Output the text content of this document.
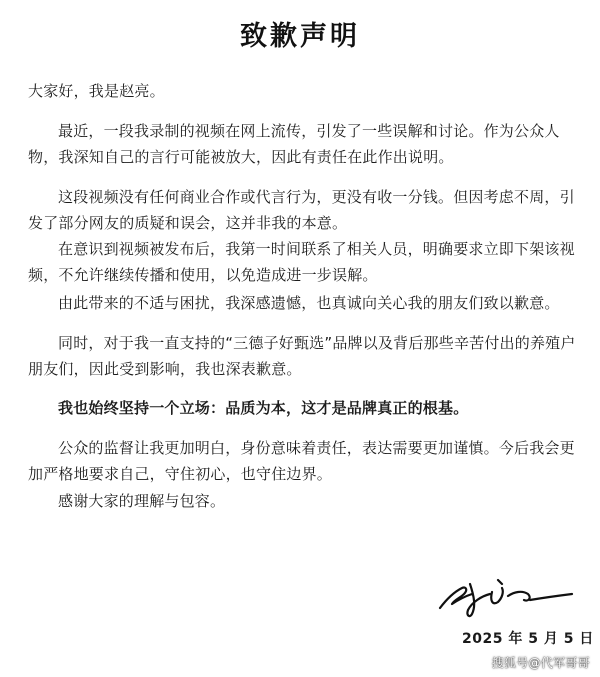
致歉声明

大家好，我是赵亮。

最近，一段我录制的视频在网上流传，引发了一些误解和讨论。作为公众人物，我深知自己的言行可能被放大，因此有责任在此作出说明。

这段视频没有任何商业合作或代言行为，更没有收一分钱。但因考虑不周，引发了部分网友的质疑和误会，这并非我的本意。

在意识到视频被发布后，我第一时间联系了相关人员，明确要求立即下架该视频，不允许继续传播和使用，以免造成进一步误解。

由此带来的不适与困扰，我深感遗憾，也真诚向关心我的朋友们致以歉意。

同时，对于我一直支持的“三德子好甄选”品牌以及背后那些辛苦付出的养殖户朋友们，因此受到影响，我也深表歉意。

我也始终坚持一个立场：品质为本，这才是品牌真正的根基。

公众的监督让我更加明白，身份意味着责任，表达需要更加谨慎。今后我会更加严格地要求自己，守住初心，也守住边界。

感谢大家的理解与包容。

2025 年 5 月 5 日
搜狐号@代军哥哥
